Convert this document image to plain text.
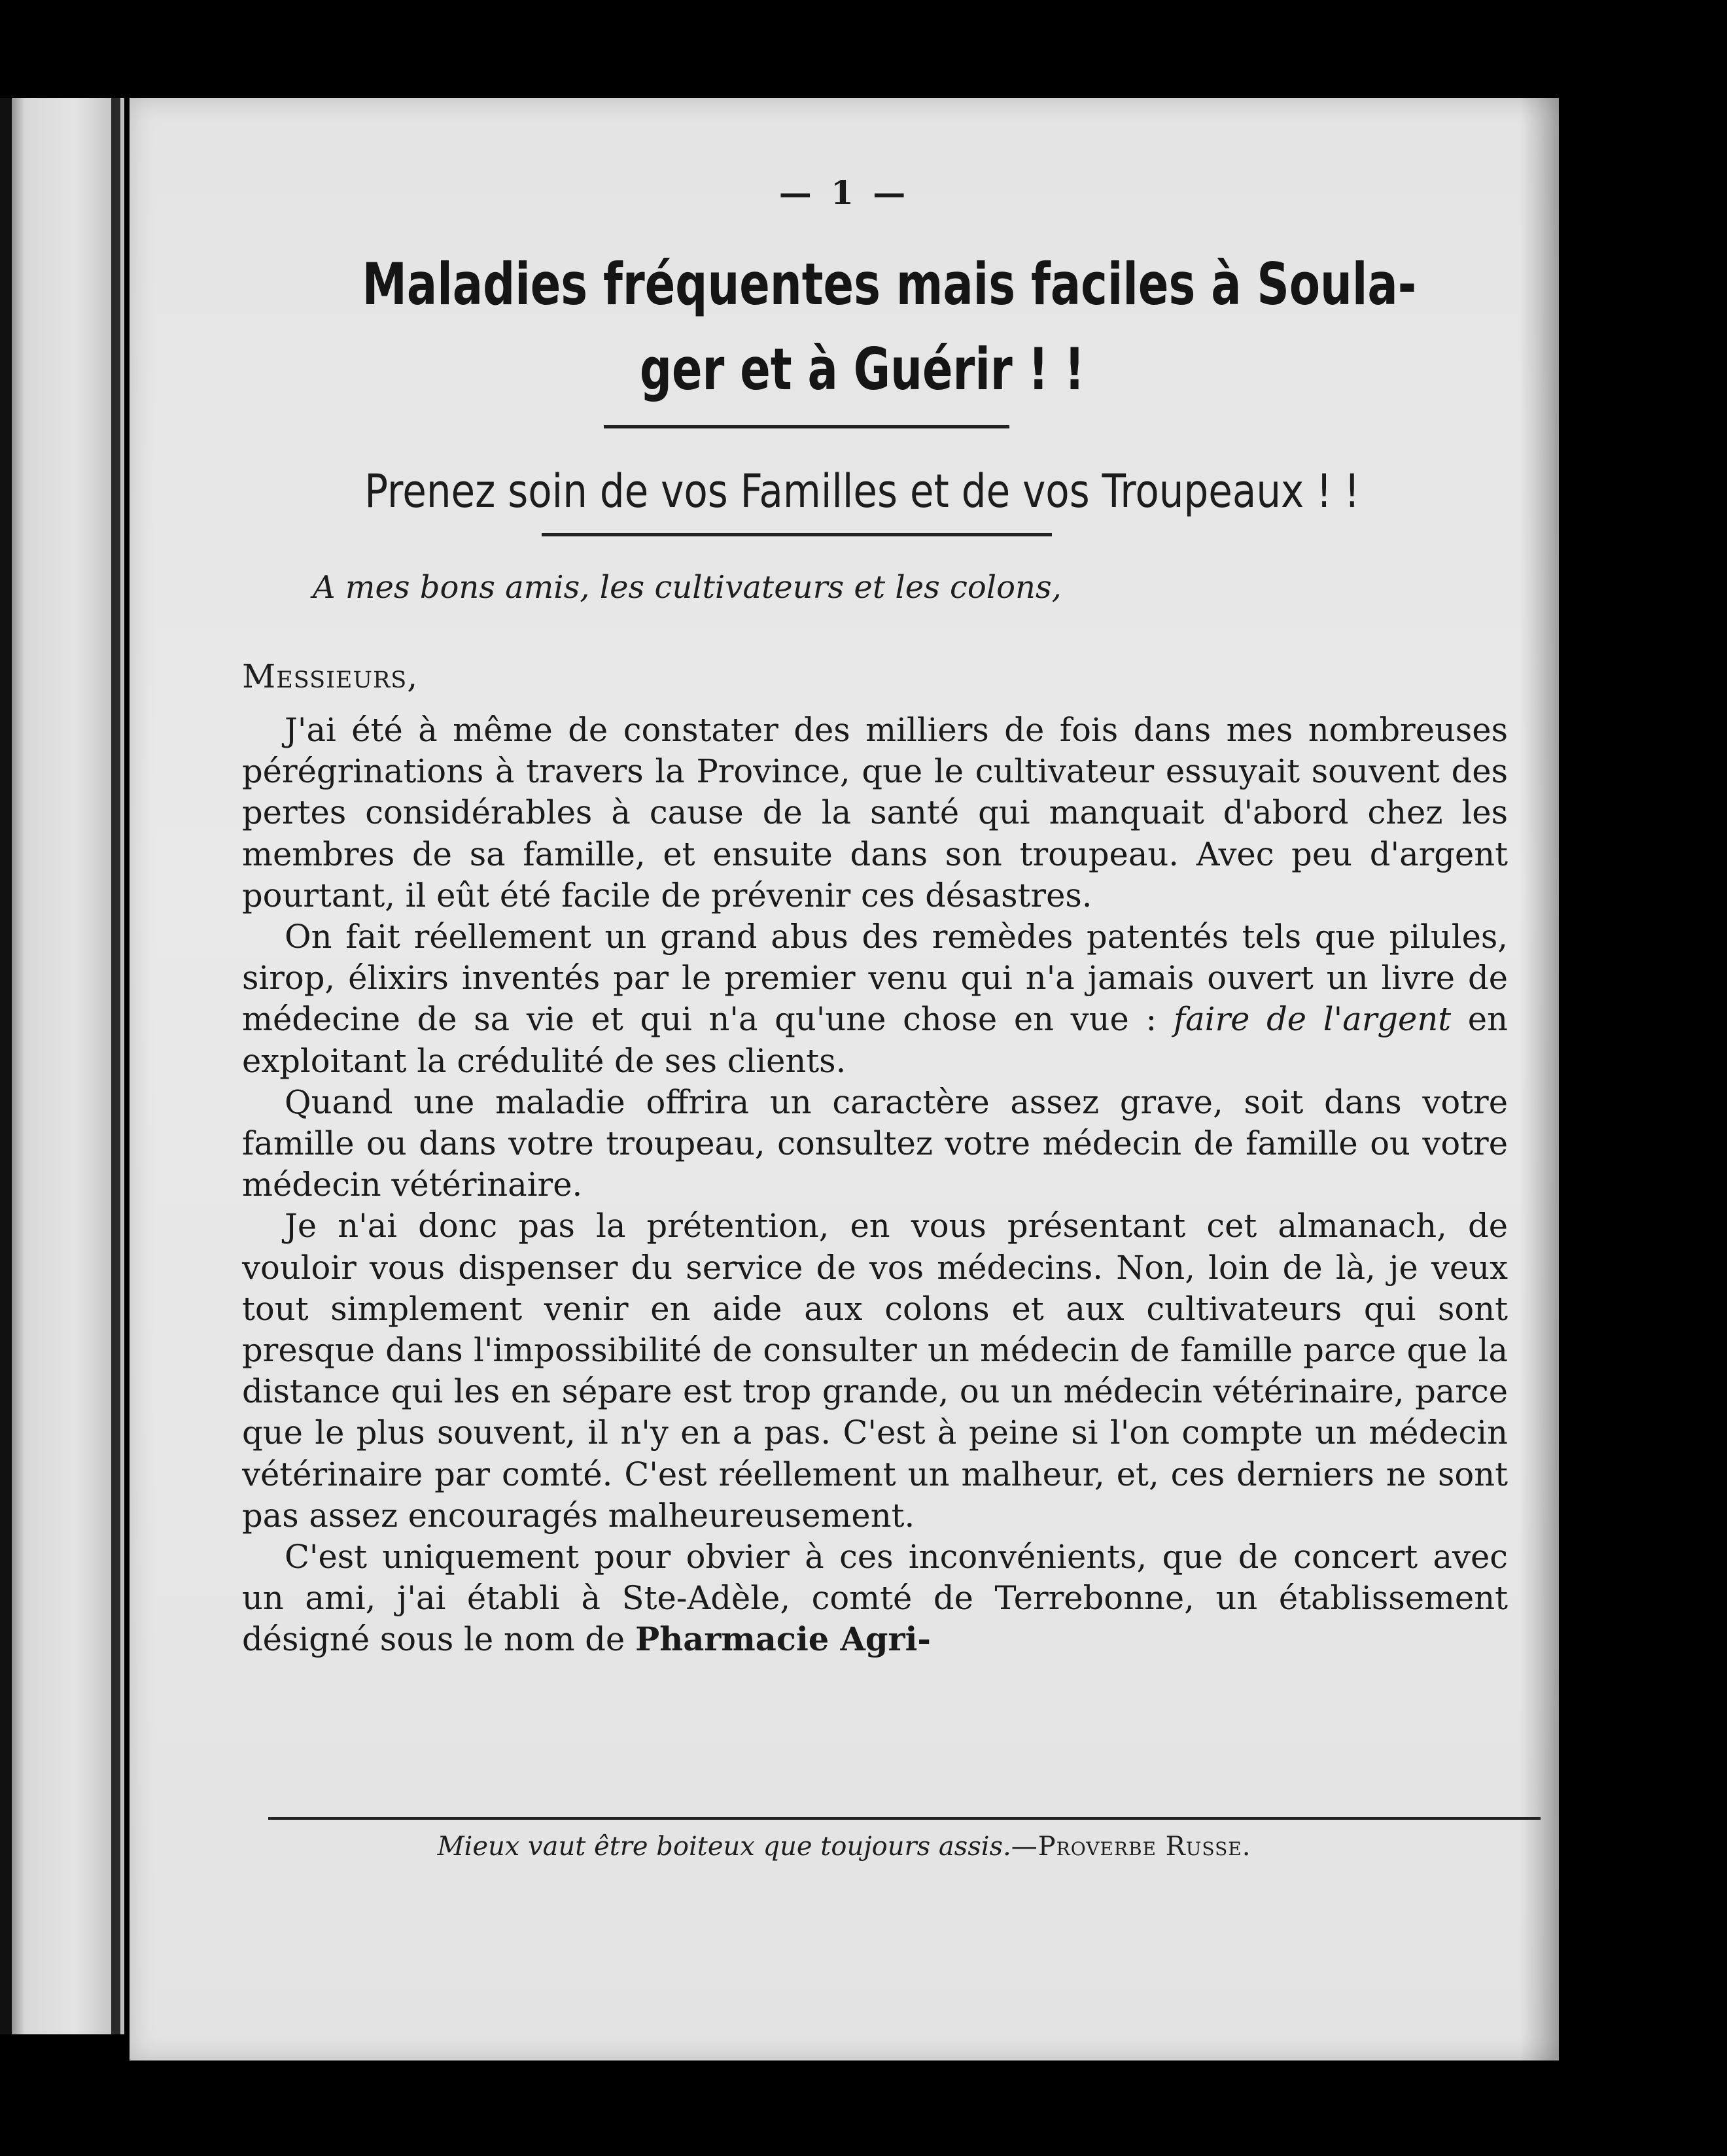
— 1 —
Maladies fréquentes mais faciles à Soula-
ger et à Guérir ! !
Prenez soin de vos Familles et de vos Troupeaux ! !
A mes bons amis, les cultivateurs et les colons,
Messieurs,

J'ai été à même de constater des milliers de fois dans mes nombreuses pérégrinations à travers la Province, que le cultivateur essuyait souvent des pertes considérables à cause de la santé qui manquait d'abord chez les membres de sa famille, et ensuite dans son troupeau. Avec peu d'argent pourtant, il eût été facile de prévenir ces désastres.

On fait réellement un grand abus des remèdes patentés tels que pilules, sirop, élixirs inventés par le premier venu qui n'a jamais ouvert un livre de médecine de sa vie et qui n'a qu'une chose en vue : faire de l'argent en exploitant la crédulité de ses clients.

Quand une maladie offrira un caractère assez grave, soit dans votre famille ou dans votre troupeau, consultez votre médecin de famille ou votre médecin vétérinaire.

Je n'ai donc pas la prétention, en vous présentant cet almanach, de vouloir vous dispenser du service de vos médecins. Non, loin de là, je veux tout simplement venir en aide aux colons et aux cultivateurs qui sont presque dans l'impossibilité de consulter un médecin de famille parce que la distance qui les en sépare est trop grande, ou un médecin vétérinaire, parce que le plus souvent, il n'y en a pas. C'est à peine si l'on compte un médecin vétérinaire par comté. C'est réellement un malheur, et, ces derniers ne sont pas assez encouragés malheureusement.

C'est uniquement pour obvier à ces inconvénients, que de concert avec un ami, j'ai établi à Ste-Adèle, comté de Terrebonne, un établissement désigné sous le nom de Pharmacie Agri-

Mieux vaut être boiteux que toujours assis.—Proverbe Russe.
